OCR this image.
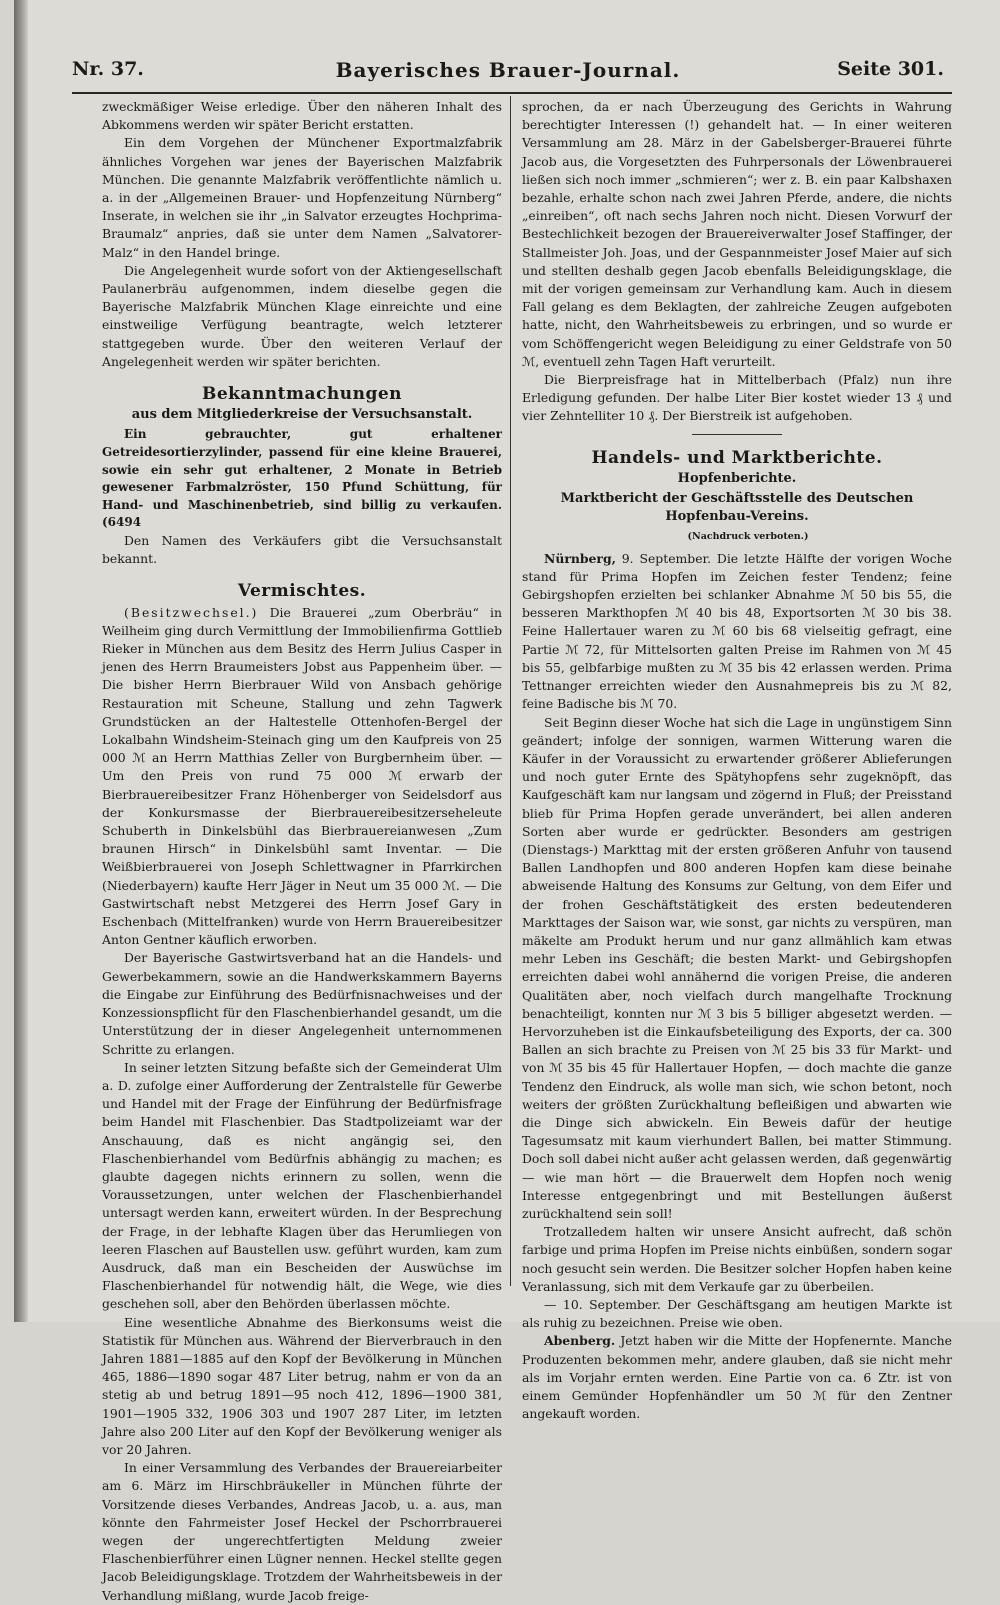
Bayerisches Brauer-Journal.
Nr. 37.	Seite 301.

zweckmäßiger Weise erledige. Über den näheren Inhalt des Abkommens werden wir später Bericht erstatten.

Ein dem Vorgehen der Münchener Exportmalzfabrik ähnliches Vorgehen war jenes der Bayerischen Malzfabrik München. Die genannte Malzfabrik veröffentlichte nämlich u. a. in der „Allgemeinen Brauer- und Hopfenzeitung Nürnberg“ Inserate, in welchen sie ihr „in Salvator erzeugtes Hochprima-Braumalz“ anpries, daß sie unter dem Namen „Salvatorer-Malz“ in den Handel bringe.

Die Angelegenheit wurde sofort von der Aktiengesellschaft Paulanerbräu aufgenommen, indem dieselbe gegen die Bayerische Malzfabrik München Klage einreichte und eine einstweilige Verfügung beantragte, welch letzterer stattgegeben wurde. Über den weiteren Verlauf der Angelegenheit werden wir später berichten.

Bekanntmachungen
aus dem Mitgliederkreise der Versuchsanstalt.

Ein gebrauchter, gut erhaltener Getreidesortierzylinder, passend für eine kleine Brauerei, sowie ein sehr gut erhaltener, 2 Monate in Betrieb gewesener Farbmalzröster, 150 Pfund Schüttung, für Hand- und Maschinenbetrieb, sind billig zu verkaufen. (6494

Den Namen des Verkäufers gibt die Versuchsanstalt bekannt.

Vermischtes.

(Besitzwechsel.) Die Brauerei „zum Oberbräu“ in Weilheim ging durch Vermittlung der Immobilienfirma Gottlieb Rieker in München aus dem Besitz des Herrn Julius Casper in jenen des Herrn Braumeisters Jobst aus Pappenheim über. — Die bisher Herrn Bierbrauer Wild von Ansbach gehörige Restauration mit Scheune, Stallung und zehn Tagwerk Grundstücken an der Haltestelle Ottenhofen-Bergel der Lokalbahn Windsheim-Steinach ging um den Kaufpreis von 25 000 ℳ an Herrn Matthias Zeller von Burgbernheim über. — Um den Preis von rund 75 000 ℳ erwarb der Bierbrauereibesitzer Franz Höhenberger von Seidelsdorf aus der Konkursmasse der Bierbrauereibesitzerseheleute Schuberth in Dinkelsbühl das Bierbrauereianwesen „Zum braunen Hirsch“ in Dinkelsbühl samt Inventar. — Die Weißbierbrauerei von Joseph Schlettwagner in Pfarrkirchen (Niederbayern) kaufte Herr Jäger in Neut um 35 000 ℳ. — Die Gastwirtschaft nebst Metzgerei des Herrn Josef Gary in Eschenbach (Mittelfranken) wurde von Herrn Brauereibesitzer Anton Gentner käuflich erworben.

Der Bayerische Gastwirtsverband hat an die Handels- und Gewerbekammern, sowie an die Handwerkskammern Bayerns die Eingabe zur Einführung des Bedürfnisnachweises und der Konzessionspflicht für den Flaschenbierhandel gesandt, um die Unterstützung der in dieser Angelegenheit unternommenen Schritte zu erlangen.

In seiner letzten Sitzung befaßte sich der Gemeinderat Ulm a. D. zufolge einer Aufforderung der Zentralstelle für Gewerbe und Handel mit der Frage der Einführung der Bedürfnisfrage beim Handel mit Flaschenbier. Das Stadtpolizeiamt war der Anschauung, daß es nicht angängig sei, den Flaschenbierhandel vom Bedürfnis abhängig zu machen; es glaubte dagegen nichts erinnern zu sollen, wenn die Voraussetzungen, unter welchen der Flaschenbierhandel untersagt werden kann, erweitert würden. In der Besprechung der Frage, in der lebhafte Klagen über das Herumliegen von leeren Flaschen auf Baustellen usw. geführt wurden, kam zum Ausdruck, daß man ein Bescheiden der Auswüchse im Flaschenbierhandel für notwendig hält, die Wege, wie dies geschehen soll, aber den Behörden überlassen möchte.

Eine wesentliche Abnahme des Bierkonsums weist die Statistik für München aus. Während der Bierverbrauch in den Jahren 1881—1885 auf den Kopf der Bevölkerung in München 465, 1886—1890 sogar 487 Liter betrug, nahm er von da an stetig ab und betrug 1891—95 noch 412, 1896—1900 381, 1901—1905 332, 1906 303 und 1907 287 Liter, im letzten Jahre also 200 Liter auf den Kopf der Bevölkerung weniger als vor 20 Jahren.

In einer Versammlung des Verbandes der Brauereiarbeiter am 6. März im Hirschbräukeller in München führte der Vorsitzende dieses Verbandes, Andreas Jacob, u. a. aus, man könnte den Fahrmeister Josef Heckel der Pschorrbrauerei wegen der ungerechtfertigten Meldung zweier Flaschenbierführer einen Lügner nennen. Heckel stellte gegen Jacob Beleidigungsklage. Trotzdem der Wahrheitsbeweis in der Verhandlung mißlang, wurde Jacob freige-

sprochen, da er nach Überzeugung des Gerichts in Wahrung berechtigter Interessen (!) gehandelt hat. — In einer weiteren Versammlung am 28. März in der Gabelsberger-Brauerei führte Jacob aus, die Vorgesetzten des Fuhrpersonals der Löwenbrauerei ließen sich noch immer „schmieren“; wer z. B. ein paar Kalbshaxen bezahle, erhalte schon nach zwei Jahren Pferde, andere, die nichts „einreiben“, oft nach sechs Jahren noch nicht. Diesen Vorwurf der Bestechlichkeit bezogen der Brauereiverwalter Josef Staffinger, der Stallmeister Joh. Joas, und der Gespannmeister Josef Maier auf sich und stellten deshalb gegen Jacob ebenfalls Beleidigungsklage, die mit der vorigen gemeinsam zur Verhandlung kam. Auch in diesem Fall gelang es dem Beklagten, der zahlreiche Zeugen aufgeboten hatte, nicht, den Wahrheitsbeweis zu erbringen, und so wurde er vom Schöffengericht wegen Beleidigung zu einer Geldstrafe von 50 ℳ, eventuell zehn Tagen Haft verurteilt.

Die Bierpreisfrage hat in Mittelberbach (Pfalz) nun ihre Erledigung gefunden. Der halbe Liter Bier kostet wieder 13 ₰ und vier Zehntelliter 10 ₰. Der Bierstreik ist aufgehoben.

Handels- und Marktberichte.
Hopfenberichte.
Marktbericht der Geschäftsstelle des Deutschen Hopfenbau-Vereins.

(Nachdruck verboten.)

Nürnberg, 9. September. Die letzte Hälfte der vorigen Woche stand für Prima Hopfen im Zeichen fester Tendenz; feine Gebirgshopfen erzielten bei schlanker Abnahme ℳ 50 bis 55, die besseren Markthopfen ℳ 40 bis 48, Exportsorten ℳ 30 bis 38. Feine Hallertauer waren zu ℳ 60 bis 68 vielseitig gefragt, eine Partie ℳ 72, für Mittelsorten galten Preise im Rahmen von ℳ 45 bis 55, gelbfarbige mußten zu ℳ 35 bis 42 erlassen werden. Prima Tettnanger erreichten wieder den Ausnahmepreis bis zu ℳ 82, feine Badische bis ℳ 70.

Seit Beginn dieser Woche hat sich die Lage in ungünstigem Sinn geändert; infolge der sonnigen, warmen Witterung waren die Käufer in der Voraussicht zu erwartender größerer Ablieferungen und noch guter Ernte des Spätyhopfens sehr zugeknöpft, das Kaufgeschäft kam nur langsam und zögernd in Fluß; der Preisstand blieb für Prima Hopfen gerade unverändert, bei allen anderen Sorten aber wurde er gedrückter. Besonders am gestrigen (Dienstags-) Markttag mit der ersten größeren Anfuhr von tausend Ballen Landhopfen und 800 anderen Hopfen kam diese beinahe abweisende Haltung des Konsums zur Geltung, von dem Eifer und der frohen Geschäftstätigkeit des ersten bedeutenderen Markttages der Saison war, wie sonst, gar nichts zu verspüren, man mäkelte am Produkt herum und nur ganz allmählich kam etwas mehr Leben ins Geschäft; die besten Markt- und Gebirgshopfen erreichten dabei wohl annähernd die vorigen Preise, die anderen Qualitäten aber, noch vielfach durch mangelhafte Trocknung benachteiligt, konnten nur ℳ 3 bis 5 billiger abgesetzt werden. — Hervorzuheben ist die Einkaufsbeteiligung des Exports, der ca. 300 Ballen an sich brachte zu Preisen von ℳ 25 bis 33 für Markt- und von ℳ 35 bis 45 für Hallertauer Hopfen, — doch machte die ganze Tendenz den Eindruck, als wolle man sich, wie schon betont, noch weiters der größten Zurückhaltung befleißigen und abwarten wie die Dinge sich abwickeln. Ein Beweis dafür der heutige Tagesumsatz mit kaum vierhundert Ballen, bei matter Stimmung. Doch soll dabei nicht außer acht gelassen werden, daß gegenwärtig — wie man hört — die Brauerwelt dem Hopfen noch wenig Interesse entgegenbringt und mit Bestellungen äußerst zurückhaltend sein soll!

Trotzalledem halten wir unsere Ansicht aufrecht, daß schön farbige und prima Hopfen im Preise nichts einbüßen, sondern sogar noch gesucht sein werden. Die Besitzer solcher Hopfen haben keine Veranlassung, sich mit dem Verkaufe gar zu überbeilen.

— 10. September. Der Geschäftsgang am heutigen Markte ist als ruhig zu bezeichnen. Preise wie oben.

Abenberg. Jetzt haben wir die Mitte der Hopfenernte. Manche Produzenten bekommen mehr, andere glauben, daß sie nicht mehr als im Vorjahr ernten werden. Eine Partie von ca. 6 Ztr. ist von einem Gemünder Hopfenhändler um 50 ℳ für den Zentner angekauft worden.
